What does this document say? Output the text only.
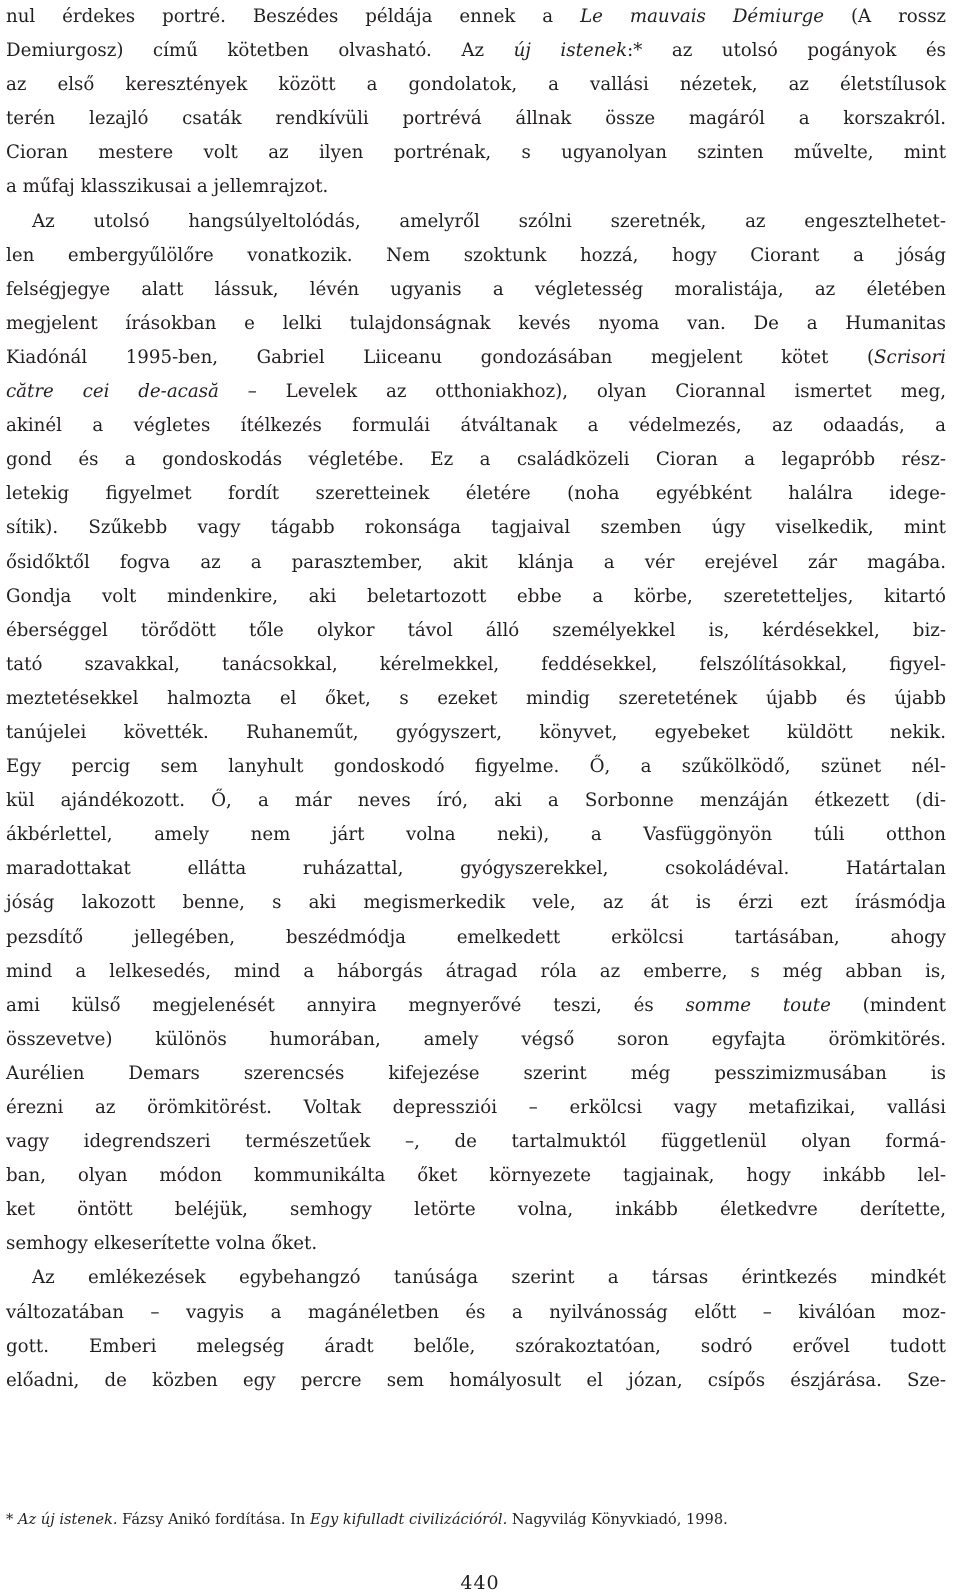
nul érdekes portré. Beszédes példája ennek a Le mauvais Démiurge (A rossz
Demiurgosz) című kötetben olvasható. Az új istenek:* az utolsó pogányok és
az első keresztények között a gondolatok, a vallási nézetek, az életstílusok
terén lezajló csaták rendkívüli portrévá állnak össze magáról a korszakról.
Cioran mestere volt az ilyen portrénak, s ugyanolyan szinten művelte, mint
a műfaj klasszikusai a jellemrajzot.
Az utolsó hangsúlyeltolódás, amelyről szólni szeretnék, az engesztelhetet-
len embergyűlölőre vonatkozik. Nem szoktunk hozzá, hogy Ciorant a jóság
felségjegye alatt lássuk, lévén ugyanis a végletesség moralistája, az életében
megjelent írásokban e lelki tulajdonságnak kevés nyoma van. De a Humanitas
Kiadónál 1995-ben, Gabriel Liiceanu gondozásában megjelent kötet (Scrisori
către cei de-acasă – Levelek az otthoniakhoz), olyan Ciorannal ismertet meg,
akinél a végletes ítélkezés formulái átváltanak a védelmezés, az odaadás, a
gond és a gondoskodás végletébe. Ez a családközeli Cioran a legapróbb rész-
letekig figyelmet fordít szeretteinek életére (noha egyébként halálra idege-
sítik). Szűkebb vagy tágabb rokonsága tagjaival szemben úgy viselkedik, mint
ősidőktől fogva az a parasztember, akit klánja a vér erejével zár magába.
Gondja volt mindenkire, aki beletartozott ebbe a körbe, szeretetteljes, kitartó
éberséggel törődött tőle olykor távol álló személyekkel is, kérdésekkel, biz-
tató szavakkal, tanácsokkal, kérelmekkel, feddésekkel, felszólításokkal, figyel-
meztetésekkel halmozta el őket, s ezeket mindig szeretetének újabb és újabb
tanújelei követték. Ruhaneműt, gyógyszert, könyvet, egyebeket küldött nekik.
Egy percig sem lanyhult gondoskodó figyelme. Ő, a szűkölködő, szünet nél-
kül ajándékozott. Ő, a már neves író, aki a Sorbonne menzáján étkezett (di-
ákbérlettel, amely nem járt volna neki), a Vasfüggönyön túli otthon
maradottakat ellátta ruházattal, gyógyszerekkel, csokoládéval. Határtalan
jóság lakozott benne, s aki megismerkedik vele, az át is érzi ezt írásmódja
pezsdítő jellegében, beszédmódja emelkedett erkölcsi tartásában, ahogy
mind a lelkesedés, mind a háborgás átragad róla az emberre, s még abban is,
ami külső megjelenését annyira megnyerővé teszi, és somme toute (mindent
összevetve) különös humorában, amely végső soron egyfajta örömkitörés.
Aurélien Demars szerencsés kifejezése szerint még pesszimizmusában is
érezni az örömkitörést. Voltak depressziói – erkölcsi vagy metafizikai, vallási
vagy idegrendszeri természetűek –, de tartalmuktól függetlenül olyan formá-
ban, olyan módon kommunikálta őket környezete tagjainak, hogy inkább lel-
ket öntött beléjük, semhogy letörte volna, inkább életkedvre derítette,
semhogy elkeserítette volna őket.
Az emlékezések egybehangzó tanúsága szerint a társas érintkezés mindkét
változatában – vagyis a magánéletben és a nyilvánosság előtt – kiválóan moz-
gott. Emberi melegség áradt belőle, szórakoztatóan, sodró erővel tudott
előadni, de közben egy percre sem homályosult el józan, csípős észjárása. Sze-
* Az új istenek. Fázsy Anikó fordítása. In Egy kifulladt civilizációról. Nagyvilág Könyvkiadó, 1998.
440
